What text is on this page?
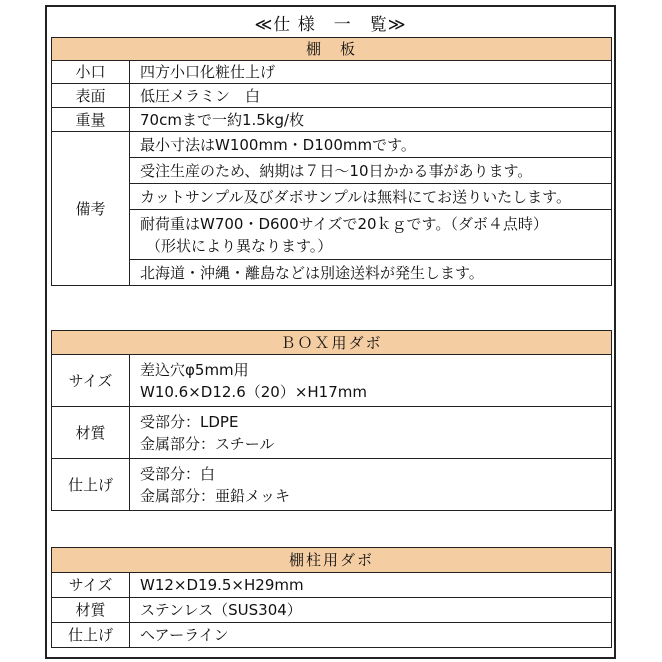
≪仕 様　一　覧≫
棚　板	
小口	四方小口化粧仕上げ
表面	低圧メラミン　白
重量	70cmまで一約1.5kg/枚
備考	最小寸法はW100mm・D100mmです。
	受注生産のため、納期は７日～10日かかる事があります。
	カットサンプル及びダボサンプルは無料にてお送りいたします。

	耐荷重はW700・D600サイズで20ｋｇです。（ダボ４点時）
（形状により異なります。）

	北海道・沖縄・離島などは別途送料が発生します。
ＢＯＸ用ダボ	
サイズ	差込穴φ5mm用
W10.6×D12.6（20）×H17mm

材質	受部分：LDPE
金属部分：スチール

仕上げ	受部分：白
金属部分：亜鉛メッキ
棚柱用ダボ	
サイズ	W12×D19.5×H29mm
材質	ステンレス（SUS304）
仕上げ	ヘアーライン
